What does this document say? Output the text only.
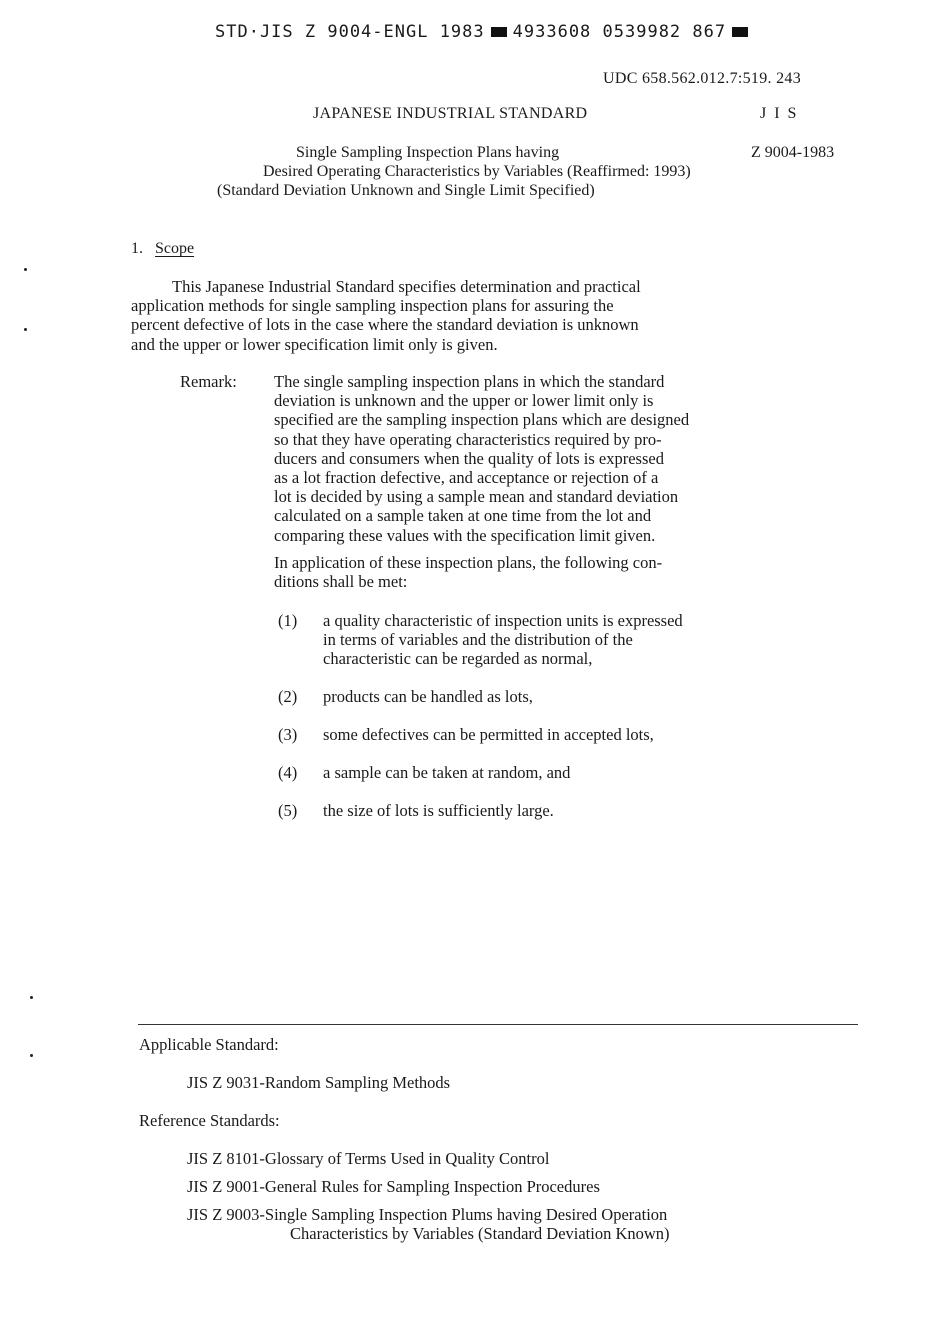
STD·JIS Z 9004-ENGL 1983 4933608 0539982 867
UDC 658.562.012.7:519. 243
JAPANESE INDUSTRIAL STANDARD	J I S
Single Sampling Inspection Plans having	Z 9004-1983
Desired Operating Characteristics by Variables (Reaffirmed: 1993)
(Standard Deviation Unknown and Single Limit Specified)
1. Scope
This Japanese Industrial Standard specifies determination and practical
application methods for single sampling inspection plans for assuring the
percent defective of lots in the case where the standard deviation is unknown
and the upper or lower specification limit only is given.
Remark: The single sampling inspection plans in which the standard
deviation is unknown and the upper or lower limit only is
specified are the sampling inspection plans which are designed
so that they have operating characteristics required by pro-
ducers and consumers when the quality of lots is expressed
as a lot fraction defective, and acceptance or rejection of a
lot is decided by using a sample mean and standard deviation
calculated on a sample taken at one time from the lot and
comparing these values with the specification limit given.
In application of these inspection plans, the following con-
ditions shall be met:
(1) a quality characteristic of inspection units is expressed
in terms of variables and the distribution of the
characteristic can be regarded as normal,
(2) products can be handled as lots,
(3) some defectives can be permitted in accepted lots,
(4) a sample can be taken at random, and
(5) the size of lots is sufficiently large.
Applicable Standard:
JIS Z 9031-Random Sampling Methods
Reference Standards:
JIS Z 8101-Glossary of Terms Used in Quality Control
JIS Z 9001-General Rules for Sampling Inspection Procedures
JIS Z 9003-Single Sampling Inspection Plums having Desired Operation
Characteristics by Variables (Standard Deviation Known)
